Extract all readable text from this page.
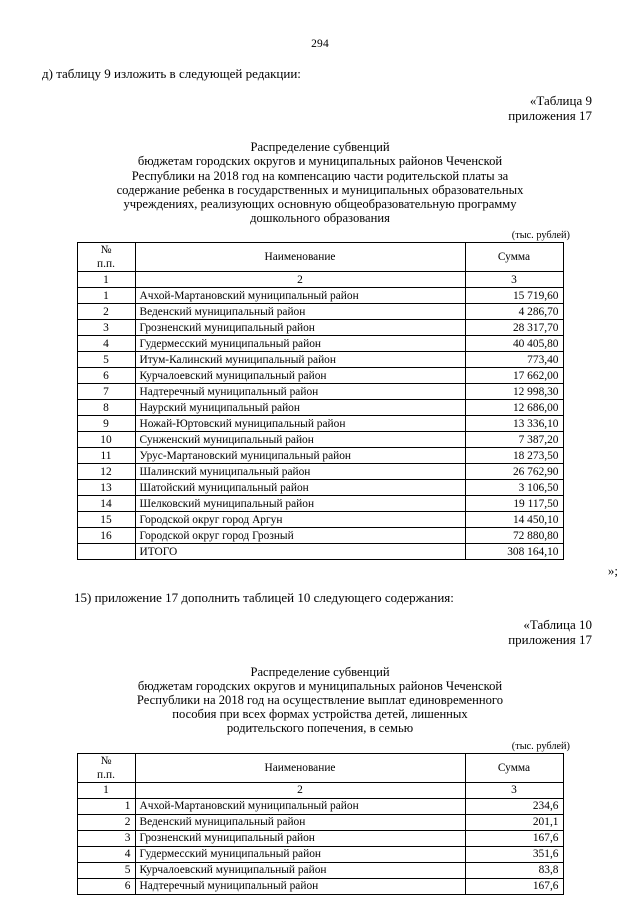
294
д) таблицу 9 изложить в следующей редакции:
«Таблица 9
приложения 17
Распределение субвенций
бюджетам городских округов и муниципальных районов Чеченской
Республики на 2018 год на компенсацию части родительской платы за
содержание ребенка в государственных и муниципальных образовательных
учреждениях, реализующих основную общеобразовательную программу
дошкольного образования
(тыс. рублей)
№
п.п.	Наименование	Сумма
1	2	3
1	Ачхой-Мартановский муниципальный район	15 719,60
2	Веденский муниципальный район	4 286,70
3	Грозненский муниципальный район	28 317,70
4	Гудермесский муниципальный район	40 405,80
5	Итум-Калинский муниципальный район	773,40
6	Курчалоевский муниципальный район	17 662,00
7	Надтеречный муниципальный район	12 998,30
8	Наурский муниципальный район	12 686,00
9	Ножай-Юртовский муниципальный район	13 336,10
10	Сунженский муниципальный район	7 387,20
11	Урус-Мартановский муниципальный район	18 273,50
12	Шалинский муниципальный район	26 762,90
13	Шатойский муниципальный район	3 106,50
14	Шелковский муниципальный район	19 117,50
15	Городской округ город Аргун	14 450,10
16	Городской округ город Грозный	72 880,80
	ИТОГО	308 164,10
»;
15) приложение 17 дополнить таблицей 10 следующего содержания:
«Таблица 10
приложения 17
Распределение субвенций
бюджетам городских округов и муниципальных районов Чеченской
Республики на 2018 год на осуществление выплат единовременного
пособия при всех формах устройства детей, лишенных
родительского попечения, в семью
(тыс. рублей)
№
п.п.	Наименование	Сумма
1	2	3
1	Ачхой-Мартановский муниципальный район	234,6
2	Веденский муниципальный район	201,1
3	Грозненский муниципальный район	167,6
4	Гудермесский муниципальный район	351,6
5	Курчалоевский муниципальный район	83,8
6	Надтеречный муниципальный район	167,6
